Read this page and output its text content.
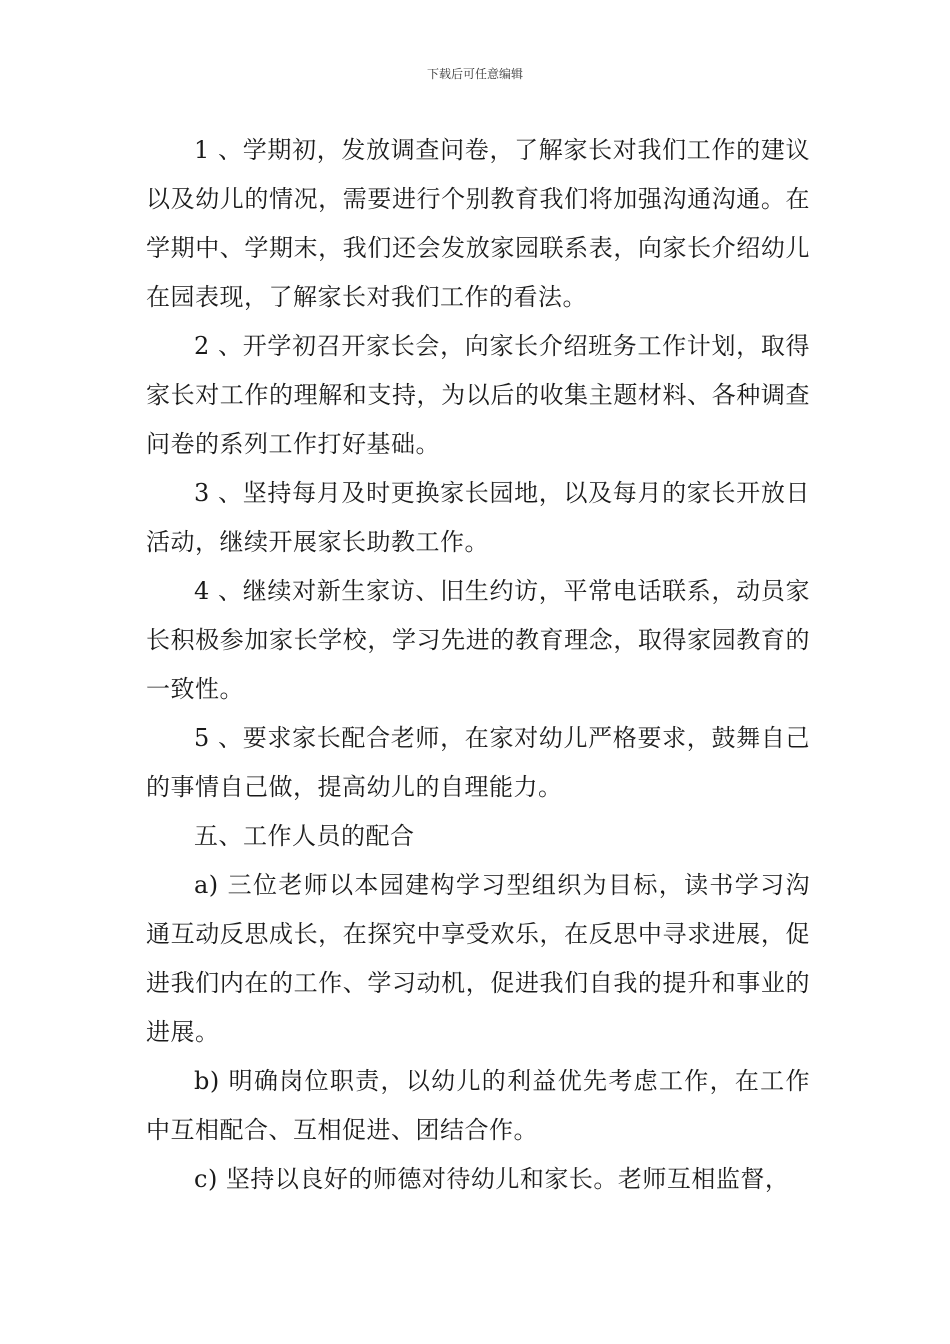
下载后可任意编辑

1 、学期初，发放调查问卷，了解家长对我们工作的建议以及幼儿的情况，需要进行个别教育我们将加强沟通沟通。在学期中、学期末，我们还会发放家园联系表，向家长介绍幼儿在园表现，了解家长对我们工作的看法。

2 、开学初召开家长会，向家长介绍班务工作计划，取得家长对工作的理解和支持，为以后的收集主题材料、各种调查问卷的系列工作打好基础。

3 、坚持每月及时更换家长园地，以及每月的家长开放日活动，继续开展家长助教工作。

4 、继续对新生家访、旧生约访，平常电话联系，动员家长积极参加家长学校，学习先进的教育理念，取得家园教育的一致性。

5 、要求家长配合老师，在家对幼儿严格要求，鼓舞自己的事情自己做，提高幼儿的自理能力。

五、工作人员的配合

a) 三位老师以本园建构学习型组织为目标，读书学习沟通互动反思成长，在探究中享受欢乐，在反思中寻求进展，促进我们内在的工作、学习动机，促进我们自我的提升和事业的进展。

b) 明确岗位职责，以幼儿的利益优先考虑工作，在工作中互相配合、互相促进、团结合作。

c) 坚持以良好的师德对待幼儿和家长。老师互相监督，
